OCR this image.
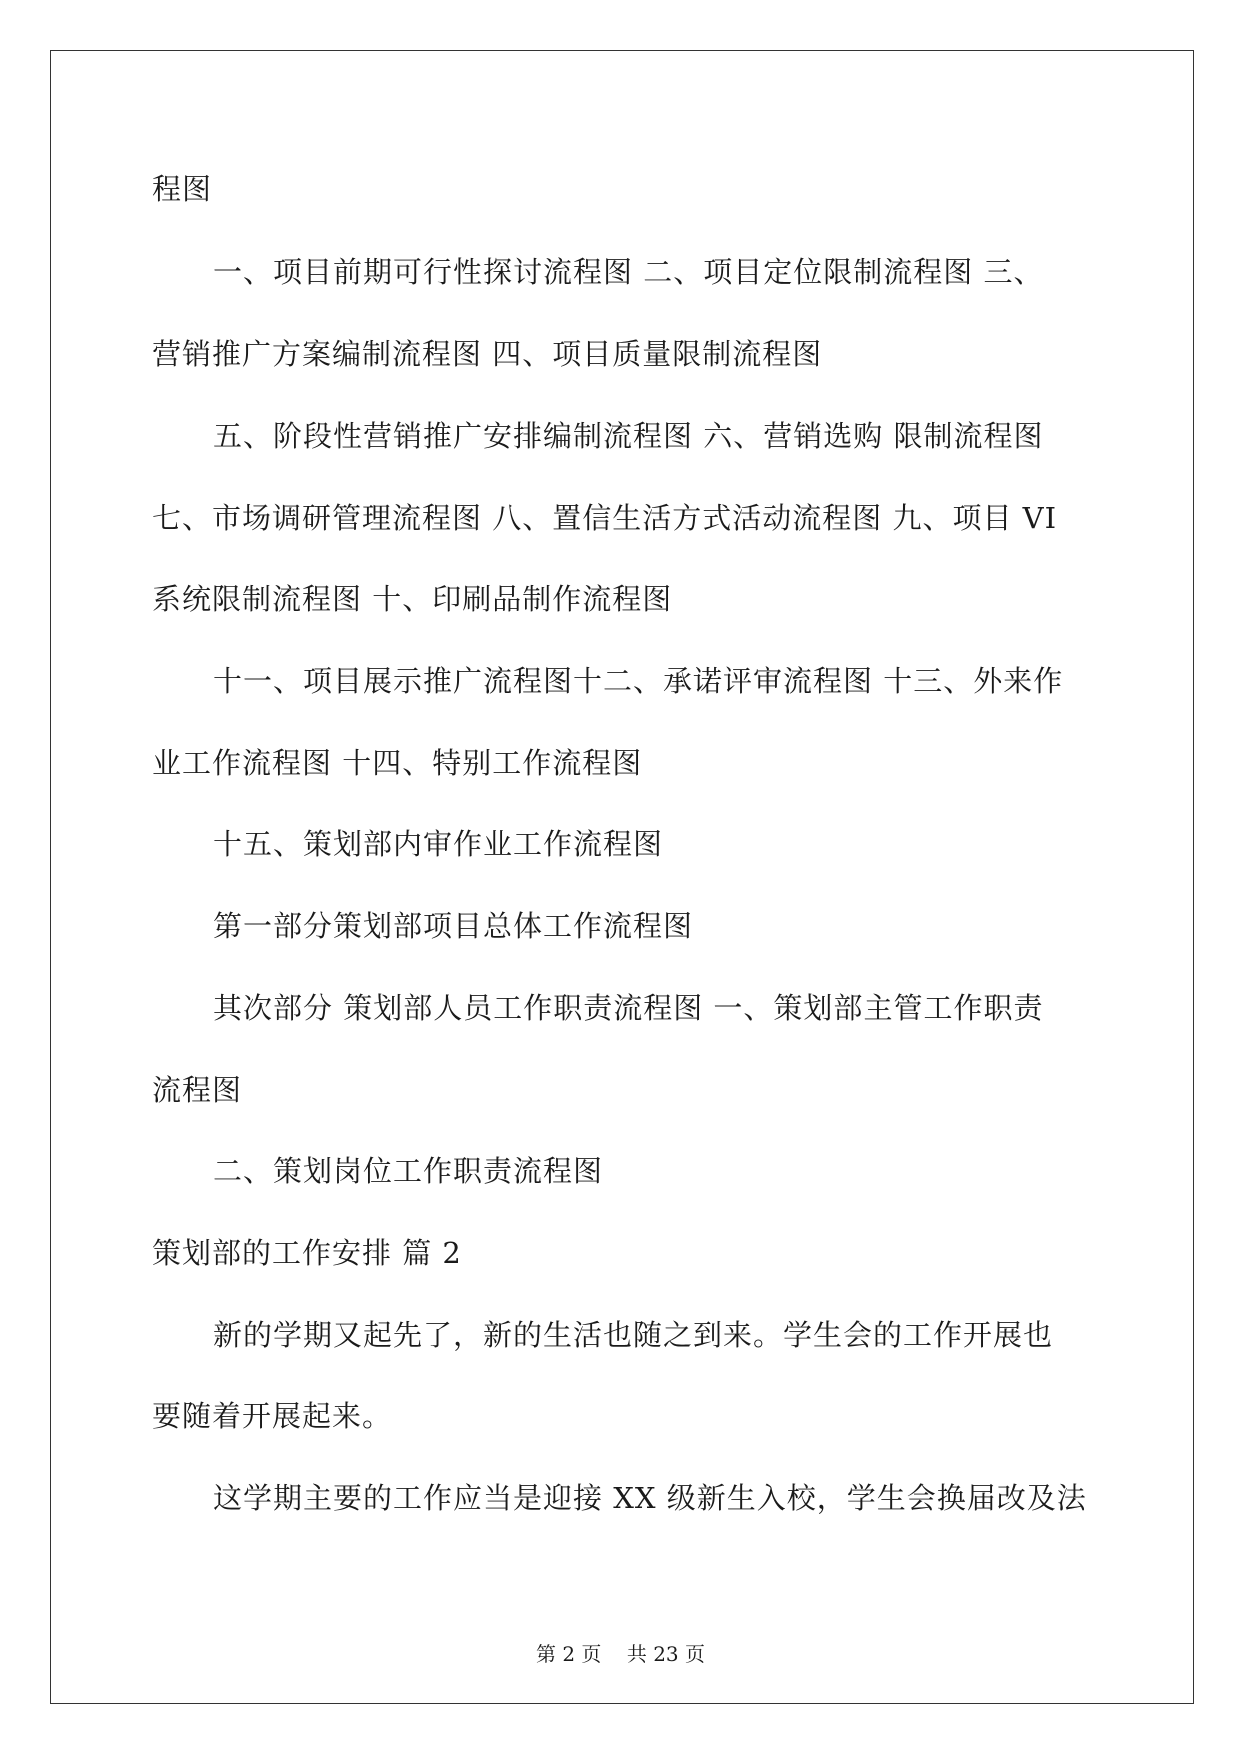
程图
一、项目前期可行性探讨流程图 二、项目定位限制流程图 三、
营销推广方案编制流程图 四、项目质量限制流程图
五、阶段性营销推广安排编制流程图 六、营销选购 限制流程图
七、市场调研管理流程图 八、置信生活方式活动流程图 九、项目 VI
系统限制流程图 十、印刷品制作流程图
十一、项目展示推广流程图十二、承诺评审流程图 十三、外来作
业工作流程图 十四、特别工作流程图
十五、策划部内审作业工作流程图
第一部分策划部项目总体工作流程图
其次部分 策划部人员工作职责流程图 一、策划部主管工作职责
流程图
二、策划岗位工作职责流程图
策划部的工作安排 篇 2
新的学期又起先了，新的生活也随之到来。学生会的工作开展也
要随着开展起来。
这学期主要的工作应当是迎接 XX 级新生入校，学生会换届改及法
第 2 页    共 23 页
